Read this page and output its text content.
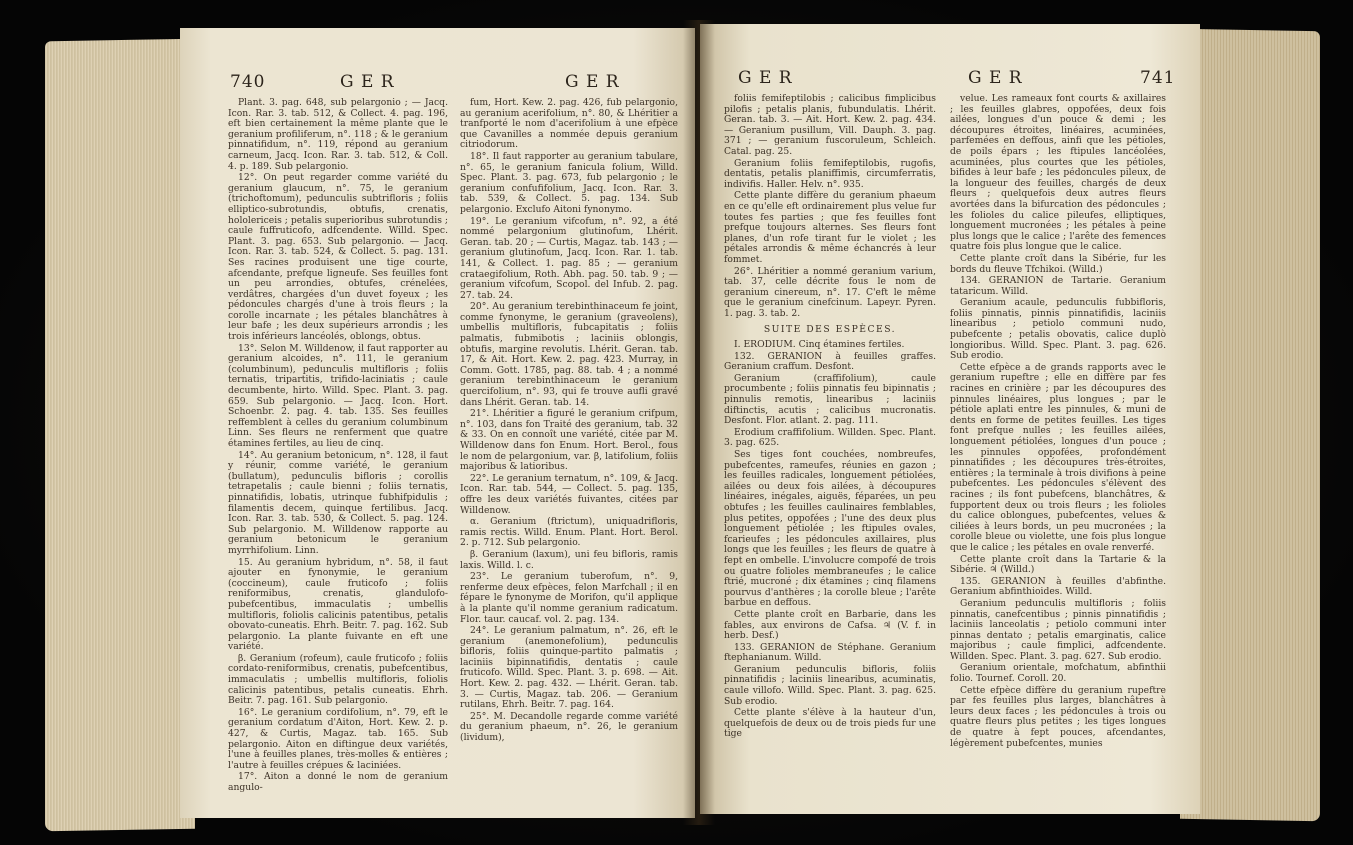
740	G E R	G E R

Plant. 3. pag. 648, sub pelargonio ; — Jacq. Icon. Rar. 3. tab. 512, & Collect. 4. pag. 196, eft bien certainement la même plante que le geranium profiliferum, n°. 118 ; & le geranium pinnatifidum, n°. 119, répond au geranium carneum, Jacq. Icon. Rar. 3. tab. 512, & Coll. 4. p. 189. Sub pelargonio.

12°. On peut regarder comme variété du geranium glaucum, n°. 75, le geranium (trichoftomum), pedunculis subtrifloris ; foliis elliptico-subrotundis, obtufis, crenatis, hololericeis ; petalis superioribus subrotundis ; caule fuffruticofo, adfcendente. Willd. Spec. Plant. 3. pag. 653. Sub pelargonio. — Jacq. Icon. Rar. 3. tab. 524, & Collect. 5. pag. 131. Ses racines produisent une tige courte, afcendante, prefque ligneufe. Ses feuilles font un peu arrondies, obtufes, crénelées, verdâtres, chargées d'un duvet foyeux ; les pédoncules chargés d'une à trois fleurs ; la corolle incarnate ; les pétales blanchâtres à leur bafe ; les deux supérieurs arrondis ; les trois inférieurs lancéolés, oblongs, obtus.

13°. Selon M. Willdenow, il faut rapporter au geranium alcoides, n°. 111, le geranium (columbinum), pedunculis multifloris ; foliis ternatis, tripartitis, trifido-laciniatis ; caule decumbente, hirto. Willd. Spec. Plant. 3. pag. 659. Sub pelargonio. — Jacq. Icon. Hort. Schoenbr. 2. pag. 4. tab. 135. Ses feuilles reffemblent à celles du geranium columbinum Linn. Ses fleurs ne renferment que quatre étamines fertiles, au lieu de cinq.

14°. Au geranium betonicum, n°. 128, il faut y réunir, comme variété, le geranium (bullatum), pedunculis bifloris ; corollis tetrapetalis ; caule bienni ; foliis ternatis, pinnatifidis, lobatis, utrinque fubhifpidulis ; filamentis decem, quinque fertilibus. Jacq. Icon. Rar. 3. tab. 530, & Collect. 5. pag. 124. Sub pelargonio. M. Willdenow rapporte au geranium betonicum le geranium myrrhifolium. Linn.

15. Au geranium hybridum, n°. 58, il faut ajouter en fynonymie, le geranium (coccineum), caule fruticofo ; foliis reniformibus, crenatis, glandulofo-pubefcentibus, immaculatis ; umbellis multifloris, foliolis calicinis patentibus, petalis obovato-cuneatis. Ehrh. Beitr. 7. pag. 162. Sub pelargonio. La plante fuivante en eft une variété.

β. Geranium (rofeum), caule fruticofo ; foliis cordato-reniformibus, crenatis, pubefcentibus, immaculatis ; umbellis multifloris, foliolis calicinis patentibus, petalis cuneatis. Ehrh. Beitr. 7. pag. 161. Sub pelargonio.

16°. Le geranium cordifolium, n°. 79, eft le geranium cordatum d'Aiton, Hort. Kew. 2. p. 427, & Curtis, Magaz. tab. 165. Sub pelargonio. Aiton en diftingue deux variétés, l'une à feuilles planes, très-molles & entières ; l'autre à feuilles crépues & laciniées.

17°. Aiton a donné le nom de geranium angulo-

fum, Hort. Kew. 2. pag. 426, fub pelargonio, au geranium acerifolium, n°. 80, & Lhéritier a tranfporté le nom d'acerifolium à une efpèce que Cavanilles a nommée depuis geranium citriodorum.

18°. Il faut rapporter au geranium tabulare, n°. 65, le geranium fanicula folium, Willd. Spec. Plant. 3. pag. 673, fub pelargonio ; le geranium confufifolium, Jacq. Icon. Rar. 3. tab. 539, & Collect. 5. pag. 134. Sub pelargonio. Exclufo Aitoni fynonymo.

19°. Le geranium vifcofum, n°. 92, a été nommé pelargonium glutinofum, Lhérit. Geran. tab. 20 ; — Curtis, Magaz. tab. 143 ; — geranium glutinofum, Jacq. Icon. Rar. 1. tab. 141, & Collect. 1. pag. 85 ; — geranium crataegifolium, Roth. Abh. pag. 50. tab. 9 ; — geranium vifcofum, Scopol. del Infub. 2. pag. 27. tab. 24.

20°. Au geranium terebinthinaceum fe joint, comme fynonyme, le geranium (graveolens), umbellis multifloris, fubcapitatis ; foliis palmatis, fubmibotis ; laciniis oblongis, obtufis, margine revolutis. Lhérit. Geran. tab. 17, & Ait. Hort. Kew. 2. pag. 423. Murray, in Comm. Gott. 1785, pag. 88. tab. 4 ; a nommé geranium terebinthinaceum le geranium quercifolium, n°. 93, qui fe trouve aufli gravé dans Lhérit. Geran. tab. 14.

21°. Lhéritier a figuré le geranium crifpum, n°. 103, dans fon Traité des geranium, tab. 32 & 33. On en connoît une variété, citée par M. Willdenow dans fon Enum. Hort. Berol., fous le nom de pelargonium, var. β, latifolium, foliis majoribus & latioribus.

22°. Le geranium ternatum, n°. 109, & Jacq. Icon. Rar. tab. 544, — Collect. 5. pag. 135, offre les deux variétés fuivantes, citées par Willdenow.

α. Geranium (ftrictum), uniquadrifloris, ramis rectis. Willd. Enum. Plant. Hort. Berol. 2. p. 712. Sub pelargonio.

β. Geranium (laxum), uni feu bifloris, ramis laxis. Willd. l. c.

23°. Le geranium tuberofum, n°. 9, renferme deux efpèces, felon Marfchall ; il en fépare le fynonyme de Morifon, qu'il applique à la plante qu'il nomme geranium radicatum. Flor. taur. caucaf. vol. 2. pag. 134.

24°. Le geranium palmatum, n°. 26, eft le geranium (anemonefolium), pedunculis bifloris, foliis quinque-partito palmatis ; laciniis bipinnatifidis, dentatis ; caule fruticofo. Willd. Spec. Plant. 3. p. 698. — Ait. Hort. Kew. 2. pag. 432. — Lhérit. Geran. tab. 3. — Curtis, Magaz. tab. 206. — Geranium rutilans, Ehrh. Beitr. 7. pag. 164.

25°. M. Decandolle regarde comme variété du geranium phaeum, n°. 26, le geranium (lividum),

G E R	G E R	741

foliis femifeptilobis ; calicibus fimplicibus pilofis ; petalis planis, fubundulatis. Lhérit. Geran. tab. 3. — Ait. Hort. Kew. 2. pag. 434. — Geranium pusillum, Vill. Dauph. 3. pag. 371 ; — geranium fuscoruleum, Schleich. Catal. pag. 25.

Geranium foliis femifeptilobis, rugofis, dentatis, petalis planiffimis, circumferratis, indivifis. Haller. Helv. n°. 935.

Cette plante diffère du geranium phaeum en ce qu'elle eft ordinairement plus velue fur toutes fes parties ; que fes feuilles font prefque toujours alternes. Ses fleurs font planes, d'un rofe tirant fur le violet ; les pétales arrondis & même échancrés à leur fommet.

26°. Lhéritier a nommé geranium varium, tab. 37, celle décrite fous le nom de geranium cinereum, n°. 17. C'eft le même que le geranium cinefcinum. Lapeyr. Pyren. 1. pag. 3. tab. 2.

SUITE DES ESPÈCES.

I. ERODIUM. Cinq étamines fertiles.

132. GERANION à feuilles graffes. Geranium craffum. Desfont.

Geranium (craffifolium), caule procumbente ; foliis pinnatis feu bipinnatis ; pinnulis remotis, linearibus ; laciniis diftinctis, acutis ; calicibus mucronatis. Desfont. Flor. atlant. 2. pag. 111.

Erodium craffifolium. Willden. Spec. Plant. 3. pag. 625.

Ses tiges font couchées, nombreufes, pubefcentes, rameufes, réunies en gazon ; les feuilles radicales, longuement pétiolées, ailées ou deux fois ailées, à découpures linéaires, inégales, aiguës, féparées, un peu obtufes ; les feuilles caulinaires femblables, plus petites, oppofées ; l'une des deux plus longuement pétiolée ; les ftipules ovales, fcarieufes ; les pédoncules axillaires, plus longs que les feuilles ; les fleurs de quatre à fept en ombelle. L'involucre compofé de trois ou quatre folioles membraneufes ; le calice ftrié, mucroné ; dix étamines ; cinq filamens pourvus d'anthères ; la corolle bleue ; l'arête barbue en deffous.

Cette plante croît en Barbarie, dans les fables, aux environs de Cafsa. ♃ (V. f. in herb. Desf.)

133. GERANION de Stéphane. Geranium ftephanianum. Willd.

Geranium pedunculis bifloris, foliis pinnatifidis ; laciniis linearibus, acuminatis, caule villofo. Willd. Spec. Plant. 3. pag. 625. Sub erodio.

Cette plante s'élève à la hauteur d'un, quelquefois de deux ou de trois pieds fur une tige

velue. Les rameaux font courts & axillaires ; les feuilles glabres, oppofées, deux fois ailées, longues d'un pouce & demi ; les découpures étroites, linéaires, acuminées, parfemées en deffous, ainfi que les pétioles, de poils épars ; les ftipules lancéolées, acuminées, plus courtes que les pétioles, bifides à leur bafe ; les pédoncules pileux, de la longueur des feuilles, chargés de deux fleurs ; quelquefois deux autres fleurs avortées dans la bifurcation des pédoncules ; les folioles du calice pileufes, elliptiques, longuement mucronées ; les pétales à peine plus longs que le calice ; l'arête des femences quatre fois plus longue que le calice.

Cette plante croît dans la Sibérie, fur les bords du fleuve Tfchikoi. (Willd.)

134. GERANION de Tartarie. Geranium tataricum. Willd.

Geranium acaule, pedunculis fubbifloris, foliis pinnatis, pinnis pinnatifidis, laciniis linearibus ; petiolo communi nudo, pubefcente ; petalis obovatis, calice duplò longioribus. Willd. Spec. Plant. 3. pag. 626. Sub erodio.

Cette efpèce a de grands rapports avec le geranium rupeftre ; elle en diffère par fes racines en crinière ; par les découpures des pinnules linéaires, plus longues ; par le pétiole aplati entre les pinnules, & muni de dents en forme de petites feuilles. Les tiges font prefque nulles ; les feuilles ailées, longuement pétiolées, longues d'un pouce ; les pinnules oppofées, profondément pinnatifides ; les découpures très-étroites, entières ; la terminale à trois divifions à peine pubefcentes. Les pédoncules s'élèvent des racines ; ils font pubefcens, blanchâtres, & fupportent deux ou trois fleurs ; les folioles du calice oblongues, pubefcentes, velues & ciliées à leurs bords, un peu mucronées ; la corolle bleue ou violette, une fois plus longue que le calice ; les pétales en ovale renverfé.

Cette plante croît dans la Tartarie & la Sibérie. ♃ (Willd.)

135. GERANION à feuilles d'abfinthe. Geranium abfinthioides. Willd.

Geranium pedunculis multifloris ; foliis pinnatis, canefcentibus ; pinnis pinnatifidis ; laciniis lanceolatis ; petiolo communi inter pinnas dentato ; petalis emarginatis, calice majoribus ; caule fimplici, adfcendente. Willden. Spec. Plant. 3. pag. 627. Sub erodio.

Geranium orientale, mofchatum, abfinthii folio. Tournef. Coroll. 20.

Cette efpèce diffère du geranium rupeftre par fes feuilles plus larges, blanchâtres à leurs deux faces ; les pédoncules à trois ou quatre fleurs plus petites ; les tiges longues de quatre à fept pouces, afcendantes, légèrement pubefcentes, munies
